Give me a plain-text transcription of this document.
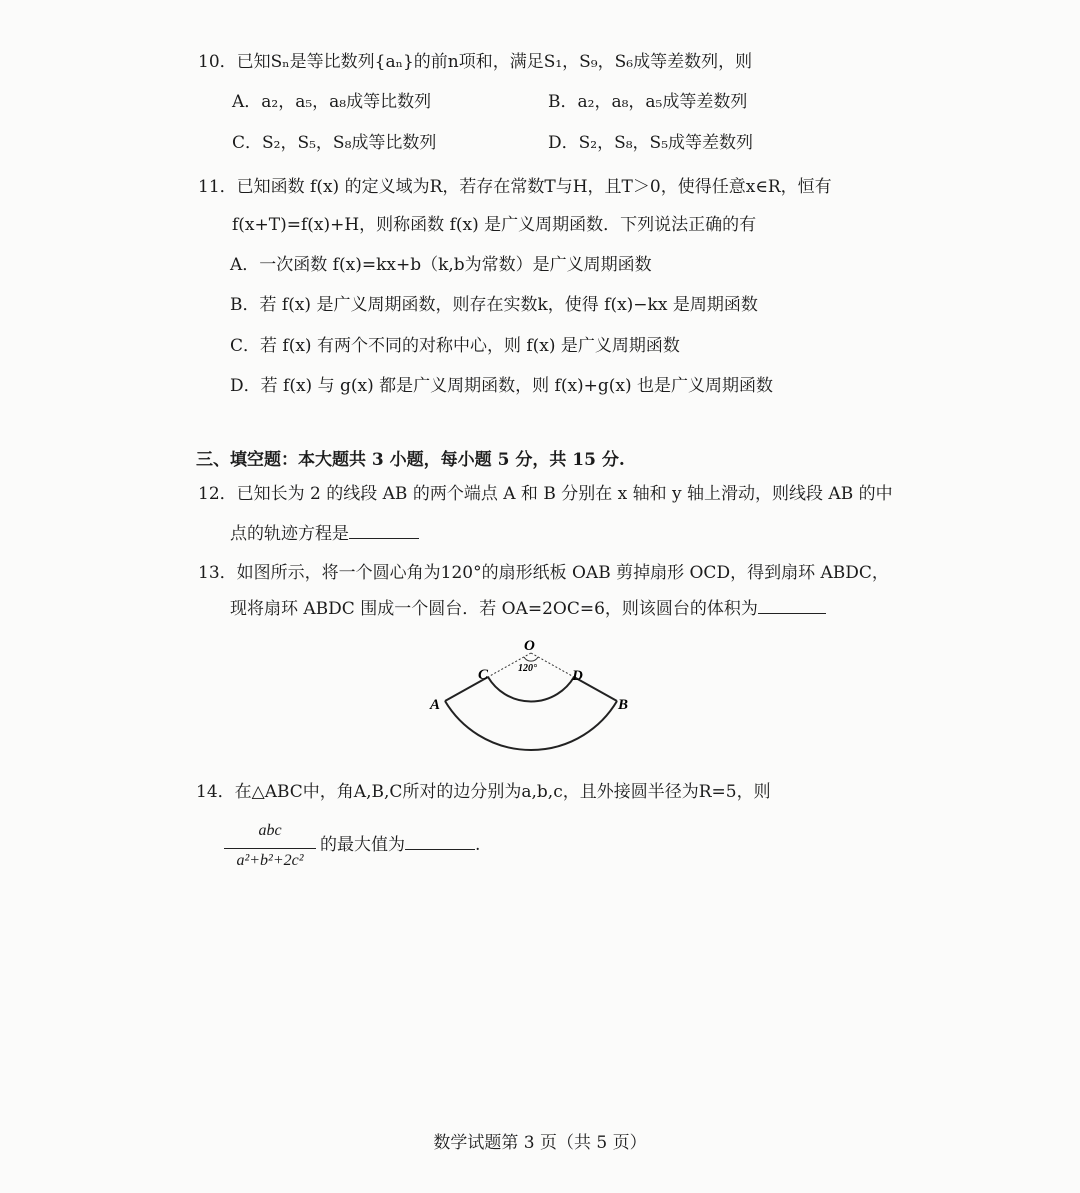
10．已知Sₙ是等比数列{aₙ}的前n项和，满足S₁，S₉，S₆成等差数列，则
A．a₂，a₅，a₈成等比数列	B．a₂，a₈，a₅成等差数列
C．S₂，S₅，S₈成等比数列	D．S₂，S₈，S₅成等差数列
11．已知函数 f(x) 的定义域为R，若存在常数T与H，且T＞0，使得任意x∈R，恒有
f(x+T)=f(x)+H，则称函数 f(x) 是广义周期函数．下列说法正确的有
A．一次函数 f(x)=kx+b（k,b为常数）是广义周期函数
B．若 f(x) 是广义周期函数，则存在实数k，使得 f(x)−kx 是周期函数
C．若 f(x) 有两个不同的对称中心，则 f(x) 是广义周期函数
D．若 f(x) 与 g(x) 都是广义周期函数，则 f(x)+g(x) 也是广义周期函数
三、填空题：本大题共 3 小题，每小题 5 分，共 15 分.
12．已知长为 2 的线段 AB 的两个端点 A 和 B 分别在 x 轴和 y 轴上滑动，则线段 AB 的中
点的轨迹方程是
13．如图所示，将一个圆心角为120°的扇形纸板 OAB 剪掉扇形 OCD，得到扇环 ABDC，
现将扇环 ABDC 围成一个圆台．若 OA=2OC=6，则该圆台的体积为
O
120°
C	D
A	B
14．在△ABC中，角A,B,C所对的边分别为a,b,c，且外接圆半径为R=5，则
abc
a²+b²+2c²
的最大值为	.
数学试题第 3 页（共 5 页）
